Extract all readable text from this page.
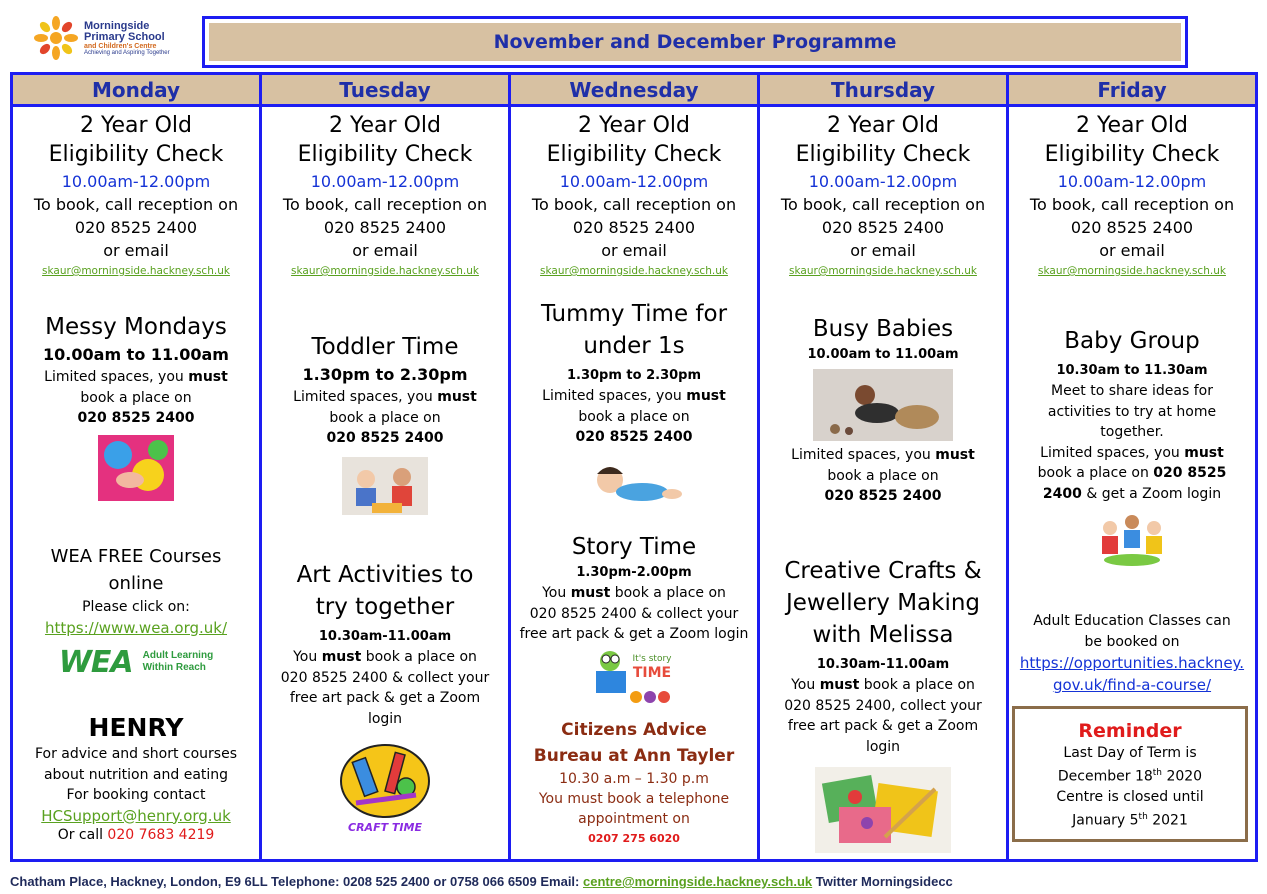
Morningside
Primary School
and Children's Centre
Achieving and Aspiring Together	November and December Programme
Monday
2 Year Old
Eligibility Check
10.00am-12.00pm
To book, call reception on
020 8525 2400
or email
skaur@morningside.hackney.sch.uk
Messy Mondays
10.00am to 11.00am
Limited spaces, you must
book a place on
020 8525 2400
WEA FREE Courses
online
Please click on:
https://www.wea.org.uk/
WEA Adult Learning
Within Reach
HENRY
For advice and short courses
about nutrition and eating
For booking contact
HCSupport@henry.org.uk
Or call 020 7683 4219
Tuesday
2 Year Old
Eligibility Check
10.00am-12.00pm
To book, call reception on
020 8525 2400
or email
skaur@morningside.hackney.sch.uk
Toddler Time
1.30pm to 2.30pm
Limited spaces, you must
book a place on
020 8525 2400
Art Activities to
try together
10.30am-11.00am
You must book a place on
020 8525 2400 & collect your
free art pack & get a Zoom
login
CRAFT TIME
Wednesday
2 Year Old
Eligibility Check
10.00am-12.00pm
To book, call reception on
020 8525 2400
or email
skaur@morningside.hackney.sch.uk
Tummy Time for
under 1s
1.30pm to 2.30pm
Limited spaces, you must
book a place on
020 8525 2400
Story Time
1.30pm-2.00pm
You must book a place on
020 8525 2400 & collect your
free art pack & get a Zoom login
It's story
TIME
Citizens Advice
Bureau at Ann Tayler
10.30 a.m – 1.30 p.m
You must book a telephone
appointment on
0207 275 6020
Thursday
2 Year Old
Eligibility Check
10.00am-12.00pm
To book, call reception on
020 8525 2400
or email
skaur@morningside.hackney.sch.uk
Busy Babies
10.00am to 11.00am
Limited spaces, you must
book a place on
020 8525 2400
Creative Crafts &
Jewellery Making
with Melissa
10.30am-11.00am
You must book a place on
020 8525 2400, collect your
free art pack & get a Zoom
login
Friday
2 Year Old
Eligibility Check
10.00am-12.00pm
To book, call reception on
020 8525 2400
or email
skaur@morningside.hackney.sch.uk
Baby Group
10.30am to 11.30am
Meet to share ideas for
activities to try at home
together.
Limited spaces, you must
book a place on 020 8525
2400 & get a Zoom login
Adult Education Classes can
be booked on
https://opportunities.hackney.
gov.uk/find-a-course/
Reminder
Last Day of Term is
December 18th 2020
Centre is closed until
January 5th 2021
Chatham Place, Hackney, London, E9 6LL Telephone: 0208 525 2400 or 0758 066 6509 Email: centre@morningside.hackney.sch.uk Twitter Morningsidecc
